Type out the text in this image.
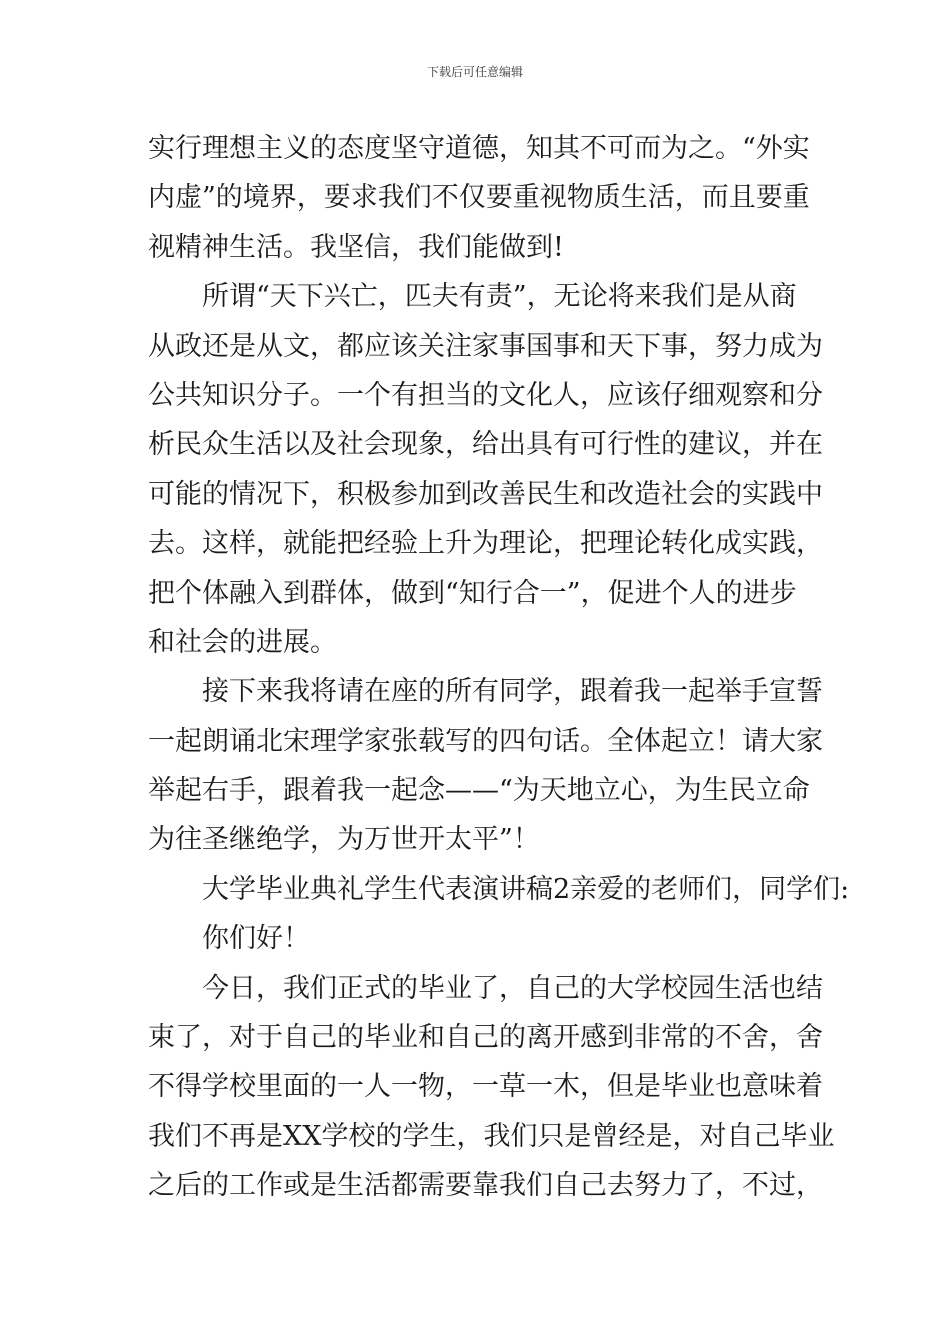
下载后可任意编辑
实行理想主义的态度坚守道德，知其不可而为之。“外实
内虚”的境界，要求我们不仅要重视物质生活，而且要重
视精神生活。我坚信，我们能做到!
所谓“天下兴亡，匹夫有责”，无论将来我们是从商
从政还是从文，都应该关注家事国事和天下事，努力成为
公共知识分子。一个有担当的文化人，应该仔细观察和分
析民众生活以及社会现象，给出具有可行性的建议，并在
可能的情况下，积极参加到改善民生和改造社会的实践中
去。这样，就能把经验上升为理论，把理论转化成实践，
把个体融入到群体，做到“知行合一”，促进个人的进步
和社会的进展。
接下来我将请在座的所有同学，跟着我一起举手宣誓
一起朗诵北宋理学家张载写的四句话。全体起立！请大家
举起右手，跟着我一起念——“为天地立心，为生民立命
为往圣继绝学，为万世开太平”！
大学毕业典礼学生代表演讲稿2亲爱的老师们，同学们:
你们好！
今日，我们正式的毕业了，自己的大学校园生活也结
束了，对于自己的毕业和自己的离开感到非常的不舍，舍
不得学校里面的一人一物，一草一木，但是毕业也意味着
我们不再是XX学校的学生，我们只是曾经是，对自己毕业
之后的工作或是生活都需要靠我们自己去努力了，不过，
